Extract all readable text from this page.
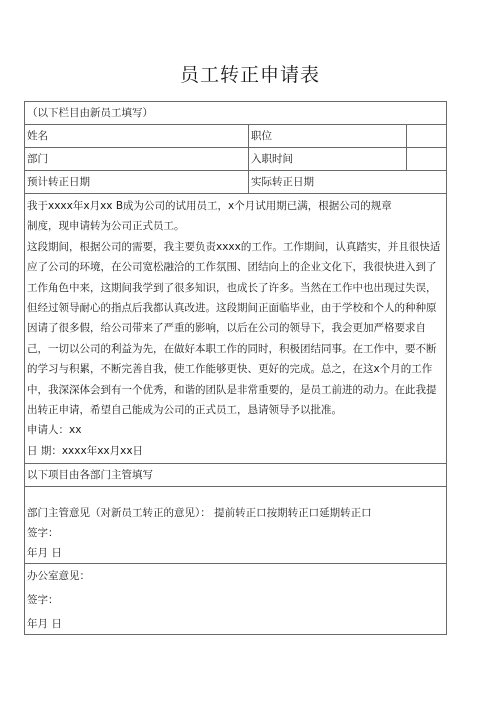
员工转正申请表
（以下栏目由新员工填写）		
姓名	职位	
部门	入职时间	
预计转正日期	实际转正日期	

我于xxxx年x月xx B成为公司的试用员工，x个月试用期已满，根据公司的规章

制度，现申请转为公司正式员工。

这段期间，根据公司的需要，我主要负责xxxx的工作。工作期间，认真踏实，并且很快适应了公司的环境，在公司宽松融洽的工作氛围、团结向上的企业文化下，我很快进入到了工作角色中来，这期间我学到了很多知识，也成长了许多。当然在工作中也出现过失误，但经过领导耐心的指点后我都认真改进。这段期间正面临毕业，由于学校和个人的种种原因请了很多假，给公司带来了严重的影响，以后在公司的领导下，我会更加严格要求自己，一切以公司的利益为先，在做好本职工作的同时，积极团结同事。在工作中，要不断的学习与积累，不断完善自我，使工作能够更快、更好的完成。总之，在这x个月的工作中，我深深体会到有一个优秀，和谐的团队是非常重要的，是员工前进的动力。在此我提出转正申请，希望自己能成为公司的正式员工，恳请领导予以批准。

申请人：xx

日 期：xxxx年xx月xx日		

以下项目由各部门主管填写		

部门主管意见（对新员工转正的意见）： 提前转正口按期转正口延期转正口

签字：

年月 日		

办公室意见：

签字：

年月 日		
